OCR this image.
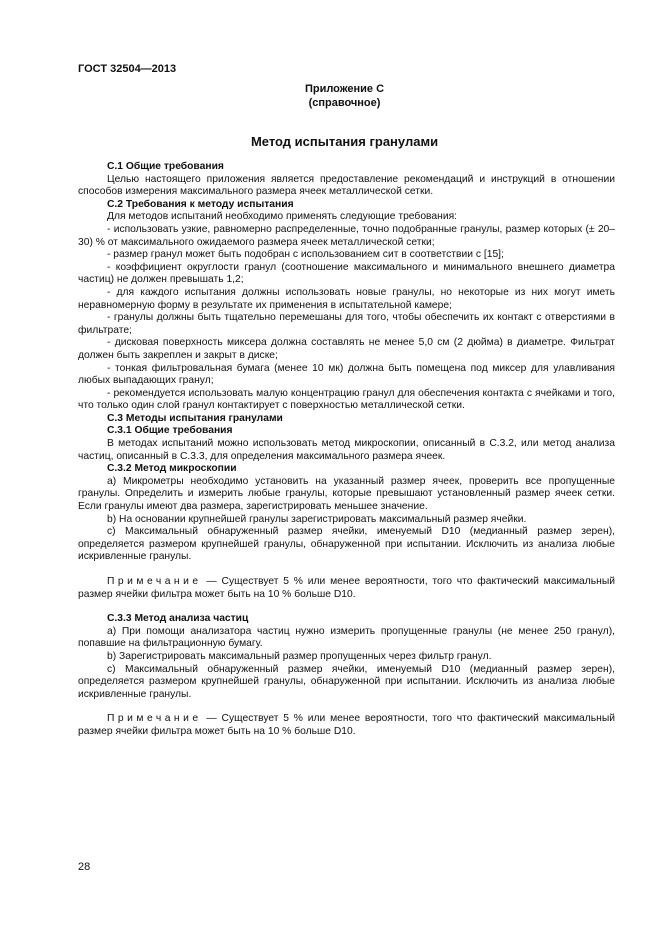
ГОСТ 32504—2013
Приложение С
(справочное)
Метод испытания гранулами

С.1 Общие требования

Целью настоящего приложения является предоставление рекомендаций и инструкций в отношении способов измерения максимального размера ячеек металлической сетки.

С.2 Требования к методу испытания

Для методов испытаний необходимо применять следующие требования:

- использовать узкие, равномерно распределенные, точно подобранные гранулы, размер которых (± 20–30) % от максимального ожидаемого размера ячеек металлической сетки;

- размер гранул может быть подобран с использованием сит в соответствии с [15];

- коэффициент округлости гранул (соотношение максимального и минимального внешнего диаметра частиц) не должен превышать 1,2;

- для каждого испытания должны использовать новые гранулы, но некоторые из них могут иметь неравномерную форму в результате их применения в испытательной камере;

- гранулы должны быть тщательно перемешаны для того, чтобы обеспечить их контакт с отверстиями в фильтрате;

- дисковая поверхность миксера должна составлять не менее 5,0 см (2 дюйма) в диаметре. Фильтрат должен быть закреплен и закрыт в диске;

- тонкая фильтровальная бумага (менее 10 мк) должна быть помещена под миксер для улавливания любых выпадающих гранул;

- рекомендуется использовать малую концентрацию гранул для обеспечения контакта с ячейками и того, что только один слой гранул контактирует с поверхностью металлической сетки.

С.3 Методы испытания гранулами

С.3.1 Общие требования

В методах испытаний можно использовать метод микроскопии, описанный в С.3.2, или метод анализа частиц, описанный в С.3.3, для определения максимального размера ячеек.

С.3.2 Метод микроскопии

а) Микрометры необходимо установить на указанный размер ячеек, проверить все пропущенные гранулы. Определить и измерить любые гранулы, которые превышают установленный размер ячеек сетки. Если гранулы имеют два размера, зарегистрировать меньшее значение.

b) На основании крупнейшей гранулы зарегистрировать максимальный размер ячейки.

c) Максимальный обнаруженный размер ячейки, именуемый D10 (медианный размер зерен), определяется размером крупнейшей гранулы, обнаруженной при испытании. Исключить из анализа любые искривленные гранулы.

Примечание — Существует 5 % или менее вероятности, того что фактический максимальный размер ячейки фильтра может быть на 10 % больше D10.

С.3.3 Метод анализа частиц

а) При помощи анализатора частиц нужно измерить пропущенные гранулы (не менее 250 гранул), попавшие на фильтрационную бумагу.

b) Зарегистрировать максимальный размер пропущенных через фильтр гранул.

c) Максимальный обнаруженный размер ячейки, именуемый D10 (медианный размер зерен), определяется размером крупнейшей гранулы, обнаруженной при испытании. Исключить из анализа любые искривленные гранулы.

Примечание — Существует 5 % или менее вероятности, того что фактический максимальный размер ячейки фильтра может быть на 10 % больше D10.

28
